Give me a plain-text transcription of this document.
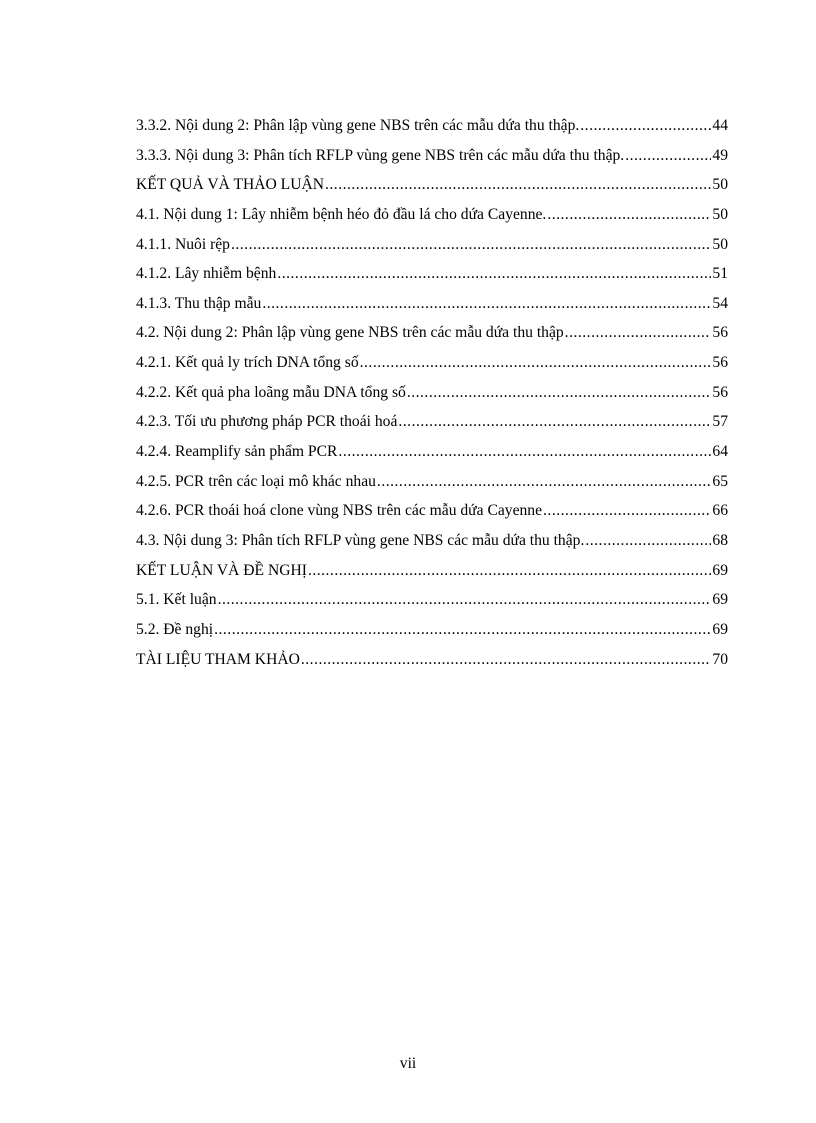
3.3.2. Nội dung 2: Phân lập vùng gene NBS trên các mẫu dứa thu thập. .....	44
3.3.3. Nội dung 3: Phân tích RFLP vùng gene NBS trên các mẫu dứa thu thập. .....	49
KẾT QUẢ VÀ THẢO LUẬN .....	50
4.1. Nội dung 1: Lây nhiễm bệnh héo đỏ đầu lá cho dứa Cayenne. .....	50
4.1.1. Nuôi rệp .....	50
4.1.2. Lây nhiễm bệnh .....	51
4.1.3. Thu thập mẫu .....	54
4.2. Nội dung 2: Phân lập vùng gene NBS trên các mẫu dứa thu thập .....	56
4.2.1. Kết quả ly trích DNA tổng số .....	56
4.2.2. Kết quả pha loãng mẫu DNA tổng số .....	56
4.2.3. Tối ưu phương pháp PCR thoái hoá .....	57
4.2.4. Reamplify sản phẩm PCR .....	64
4.2.5. PCR trên các loại mô khác nhau .....	65
4.2.6. PCR thoái hoá clone vùng NBS trên các mẫu dứa Cayenne .....	66
4.3. Nội dung 3: Phân tích RFLP vùng gene NBS các mẫu dứa thu thập. .....	68
KẾT LUẬN VÀ ĐỀ NGHỊ .....	69
5.1. Kết luận .....	69
5.2. Đề nghị .....	69
TÀI LIỆU THAM KHẢO .....	70
vii
